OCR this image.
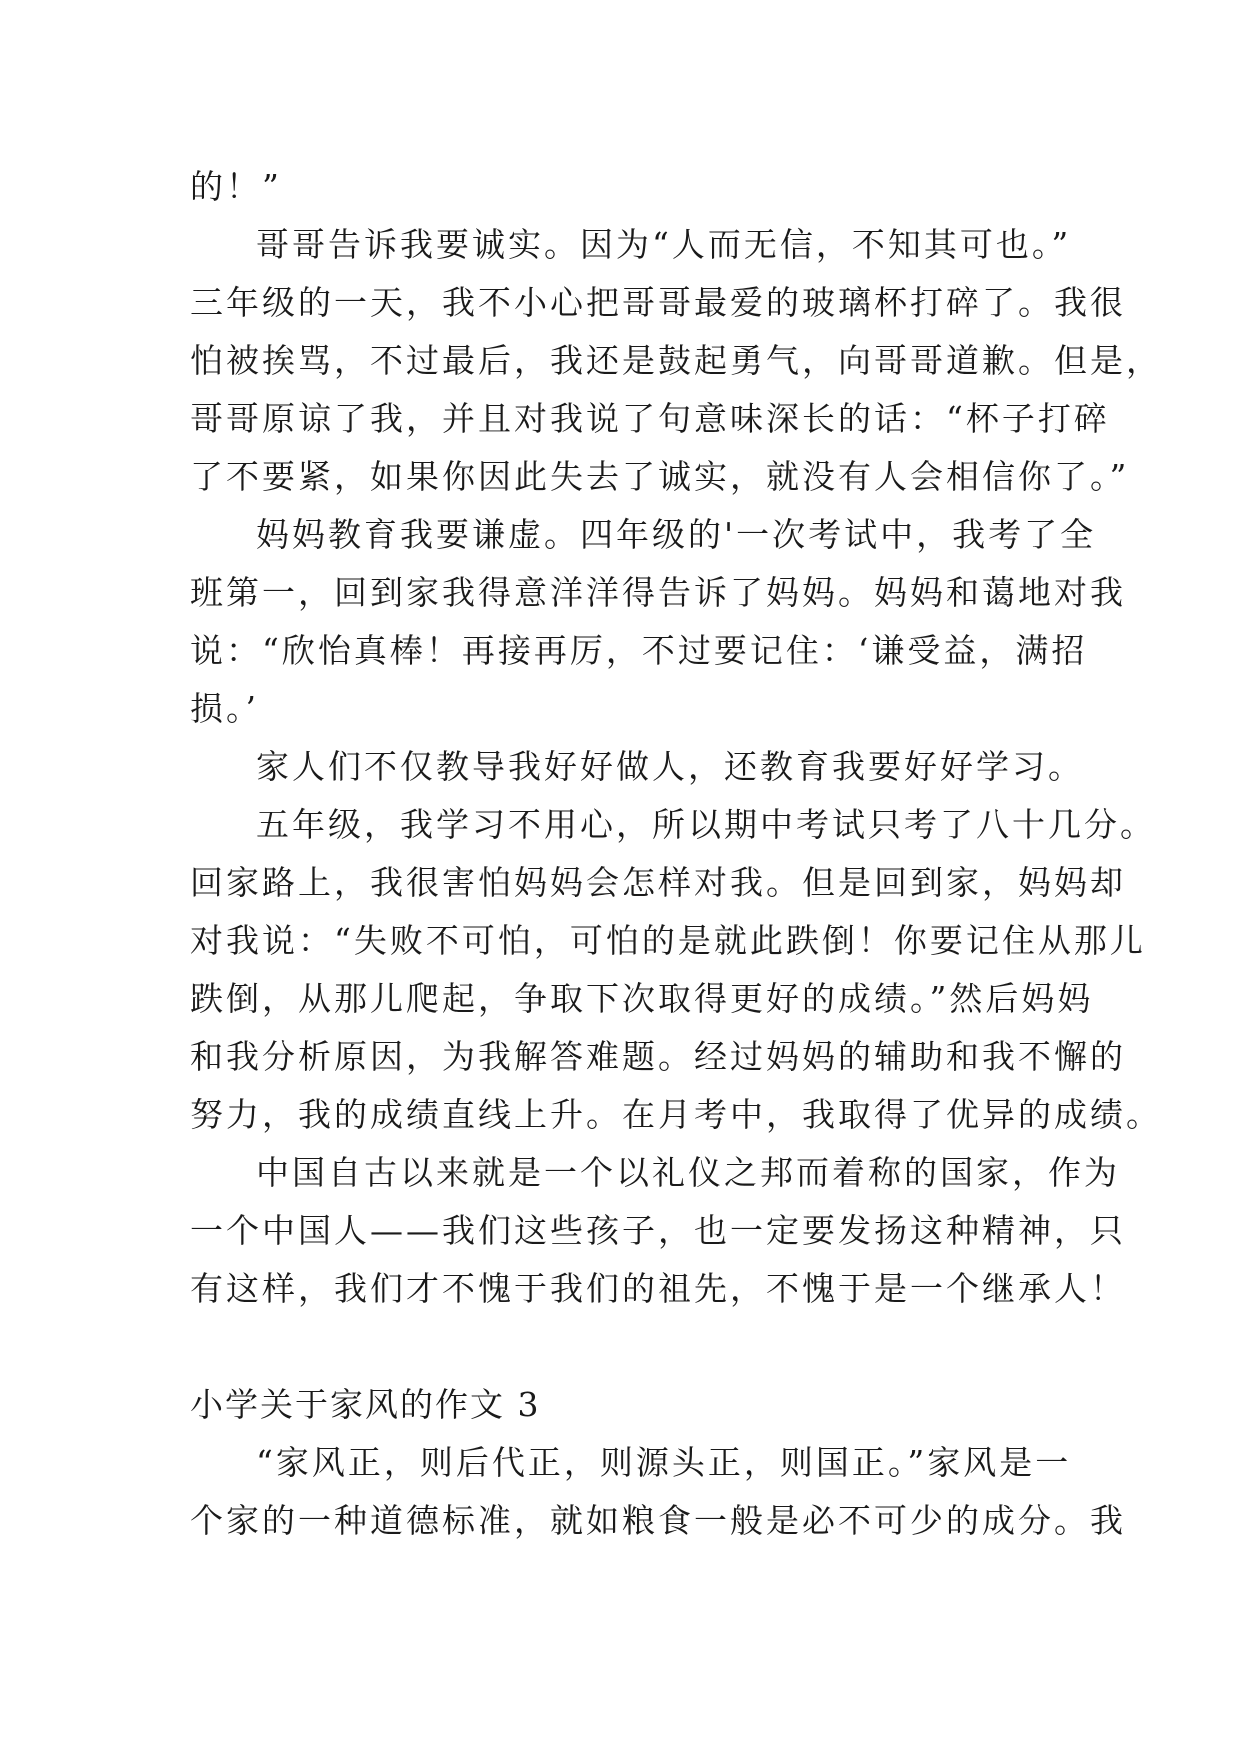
的！”
哥哥告诉我要诚实。因为“人而无信，不知其可也。”
三年级的一天，我不小心把哥哥最爱的玻璃杯打碎了。我很
怕被挨骂，不过最后，我还是鼓起勇气，向哥哥道歉。但是，
哥哥原谅了我，并且对我说了句意味深长的话：“杯子打碎
了不要紧，如果你因此失去了诚实，就没有人会相信你了。”
妈妈教育我要谦虚。四年级的'一次考试中，我考了全
班第一，回到家我得意洋洋得告诉了妈妈。妈妈和蔼地对我
说：“欣怡真棒！再接再厉，不过要记住：‘谦受益，满招
损。’
家人们不仅教导我好好做人，还教育我要好好学习。
五年级，我学习不用心，所以期中考试只考了八十几分。
回家路上，我很害怕妈妈会怎样对我。但是回到家，妈妈却
对我说：“失败不可怕，可怕的是就此跌倒！你要记住从那儿
跌倒，从那儿爬起，争取下次取得更好的成绩。”然后妈妈
和我分析原因，为我解答难题。经过妈妈的辅助和我不懈的
努力，我的成绩直线上升。在月考中，我取得了优异的成绩。
中国自古以来就是一个以礼仪之邦而着称的国家，作为
一个中国人——我们这些孩子，也一定要发扬这种精神，只
有这样，我们才不愧于我们的祖先，不愧于是一个继承人！
小学关于家风的作文 3
“家风正，则后代正，则源头正，则国正。”家风是一
个家的一种道德标准，就如粮食一般是必不可少的成分。我
